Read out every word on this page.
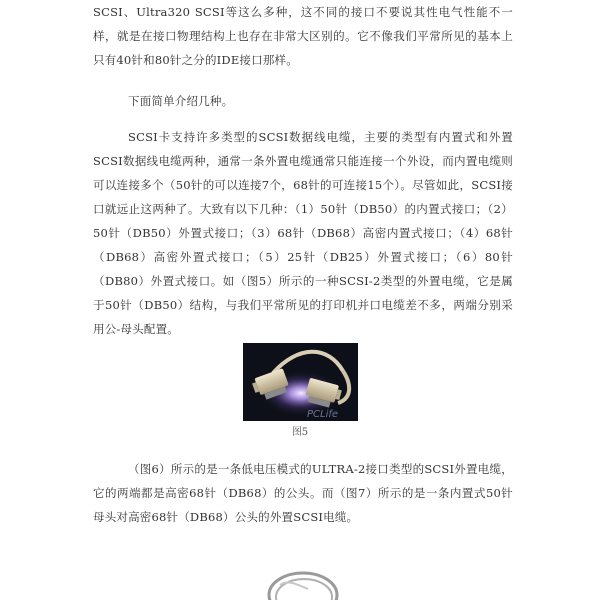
SCSI、Ultra320 SCSI等这么多种，这不同的接口不要说其性电气性能不一样，就是在接口物理结构上也存在非常大区别的。它不像我们平常所见的基本上只有40针和80针之分的IDE接口那样。

下面简单介绍几种。

SCSI卡支持许多类型的SCSI数据线电缆，主要的类型有内置式和外置SCSI数据线电缆两种，通常一条外置电缆通常只能连接一个外设，而内置电缆则可以连接多个（50针的可以连接7个，68针的可连接15个）。尽管如此，SCSI接口就远止这两种了。大致有以下几种：（1）50针（DB50）的内置式接口；（2）50针（DB50）外置式接口；（3）68针（DB68）高密内置式接口；（4）68针（DB68）高密外置式接口；（5）25针（DB25）外置式接口；（6）80针（DB80）外置式接口。如（图5）所示的一种SCSI-2类型的外置电缆，它是属于50针（DB50）结构，与我们平常所见的打印机并口电缆差不多，两端分别采用公-母头配置。

PCLife
图5

（图6）所示的是一条低电压模式的ULTRA-2接口类型的SCSI外置电缆，它的两端都是高密68针（DB68）的公头。而（图7）所示的是一条内置式50针母头对高密68针（DB68）公头的外置SCSI电缆。
